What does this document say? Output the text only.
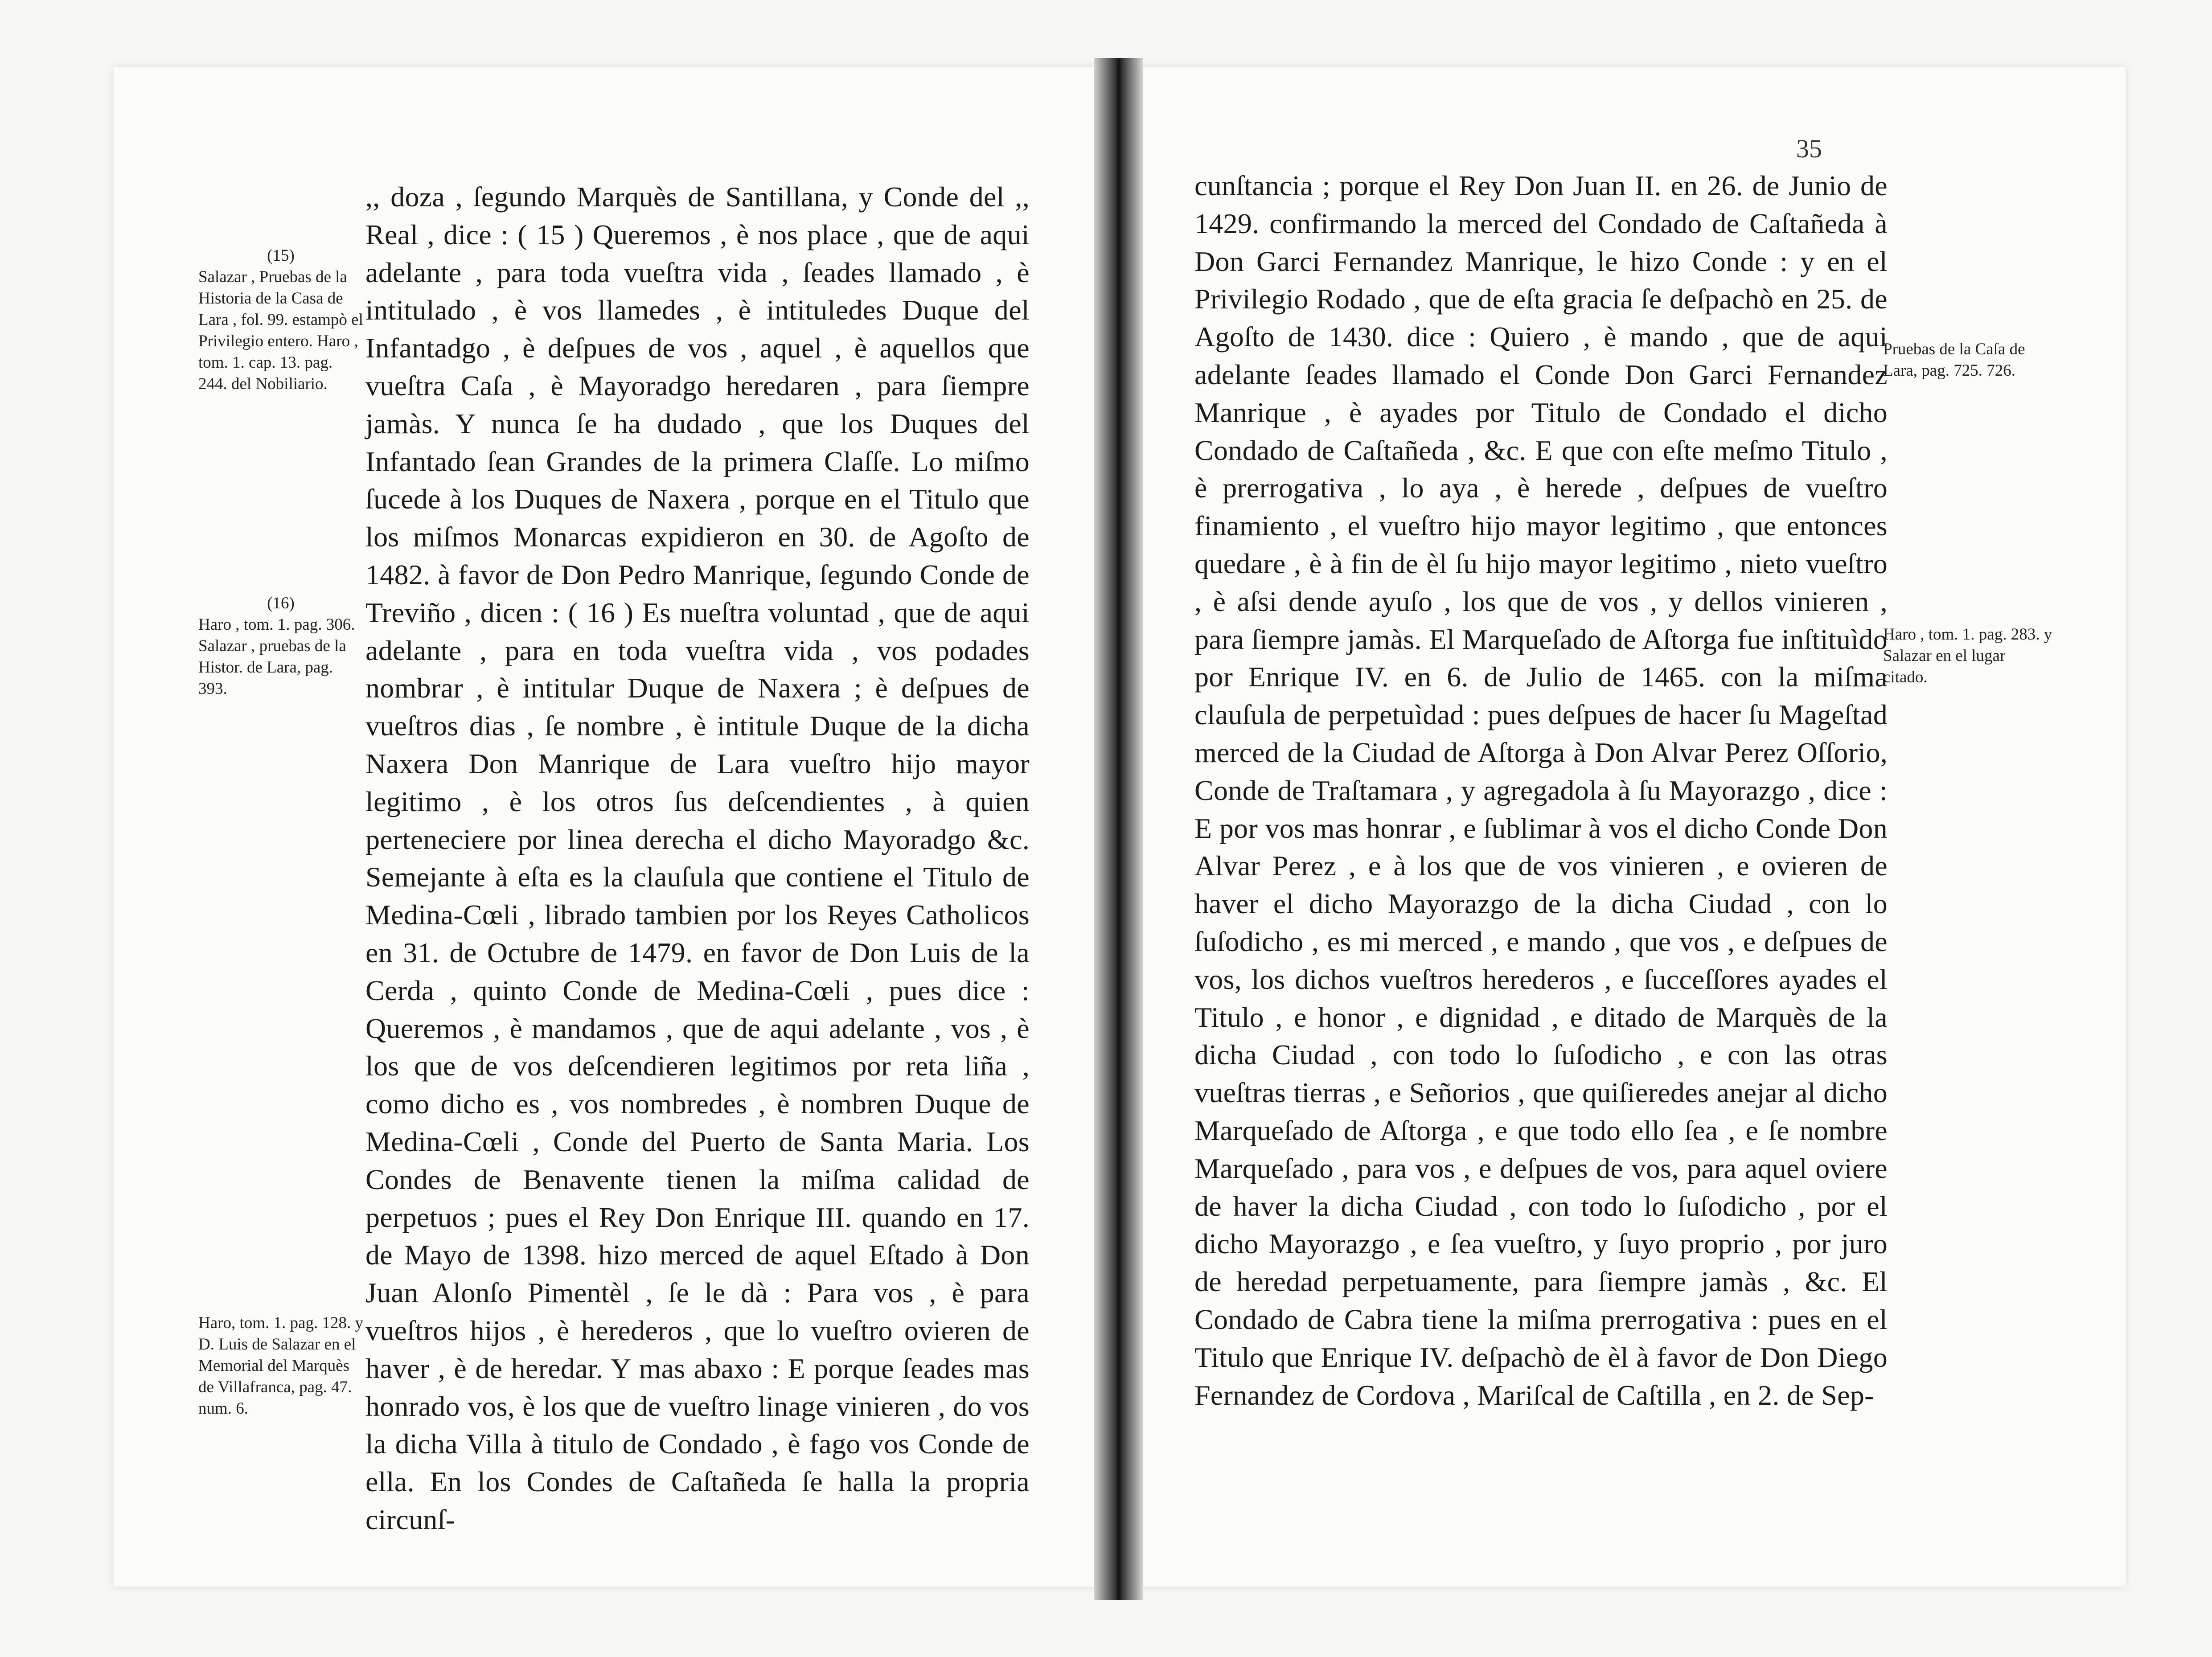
(15)
Salazar , Pruebas de la Historia de la Casa de Lara , fol. 99. estampò el Privilegio entero. Haro , tom. 1. cap. 13. pag. 244. del Nobiliario.
(16)
Haro , tom. 1. pag. 306. Salazar , pruebas de la Histor. de Lara, pag. 393.
Haro, tom. 1. pag. 128. y D. Luis de Salazar en el Memorial del Marquès de Villafranca, pag. 47. num. 6.
,, doza , ſegundo Marquès de Santillana, y Conde del ,, Real , dice : ( 15 ) Queremos , è nos place , que de aqui adelante , para toda vueſtra vida , ſeades llamado , è intitulado , è vos llamedes , è intituledes Duque del Infantadgo , è deſpues de vos , aquel , è aquellos que vueſtra Caſa , è Mayoradgo heredaren , para ſiempre jamàs. Y nunca ſe ha dudado , que los Duques del Infantado ſean Grandes de la primera Claſſe. Lo miſmo ſucede à los Duques de Naxera , porque en el Titulo que los miſmos Monarcas expidieron en 30. de Agoſto de 1482. à favor de Don Pedro Manrique, ſegundo Conde de Treviño , dicen : ( 16 ) Es nueſtra voluntad , que de aqui adelante , para en toda vueſtra vida , vos podades nombrar , è intitular Duque de Naxera ; è deſpues de vueſtros dias , ſe nombre , è intitule Duque de la dicha Naxera Don Manrique de Lara vueſtro hijo mayor legitimo , è los otros ſus deſcendientes , à quien perteneciere por linea derecha el dicho Mayoradgo &c. Semejante à eſta es la clauſula que contiene el Titulo de Medina-Cœli , librado tambien por los Reyes Catholicos en 31. de Octubre de 1479. en favor de Don Luis de la Cerda , quinto Conde de Medina-Cœli , pues dice : Queremos , è mandamos , que de aqui adelante , vos , è los que de vos deſcendieren legitimos por reta liña , como dicho es , vos nombredes , è nombren Duque de Medina-Cœli , Conde del Puerto de Santa Maria. Los Condes de Benavente tienen la miſma calidad de perpetuos ; pues el Rey Don Enrique III. quando en 17. de Mayo de 1398. hizo merced de aquel Eſtado à Don Juan Alonſo Pimentèl , ſe le dà : Para vos , è para vueſtros hijos , è herederos , que lo vueſtro ovieren de haver , è de heredar. Y mas abaxo : E porque ſeades mas honrado vos, è los que de vueſtro linage vinieren , do vos la dicha Villa à titulo de Condado , è fago vos Conde de ella. En los Condes de Caſtañeda ſe halla la propria circunſ-
35
cunſtancia ; porque el Rey Don Juan II. en 26. de Junio de 1429. confirmando la merced del Condado de Caſtañeda à Don Garci Fernandez Manrique, le hizo Conde : y en el Privilegio Rodado , que de eſta gracia ſe deſpachò en 25. de Agoſto de 1430. dice : Quiero , è mando , que de aqui adelante ſeades llamado el Conde Don Garci Fernandez Manrique , è ayades por Titulo de Condado el dicho Condado de Caſtañeda , &c. E que con eſte meſmo Titulo , è prerrogativa , lo aya , è herede , deſpues de vueſtro finamiento , el vueſtro hijo mayor legitimo , que entonces quedare , è à fin de èl ſu hijo mayor legitimo , nieto vueſtro , è aſsi dende ayuſo , los que de vos , y dellos vinieren , para ſiempre jamàs. El Marqueſado de Aſtorga fue inſtituìdo por Enrique IV. en 6. de Julio de 1465. con la miſma clauſula de perpetuìdad : pues deſpues de hacer ſu Mageſtad merced de la Ciudad de Aſtorga à Don Alvar Perez Oſſorio, Conde de Traſtamara , y agregadola à ſu Mayorazgo , dice : E por vos mas honrar , e ſublimar à vos el dicho Conde Don Alvar Perez , e à los que de vos vinieren , e ovieren de haver el dicho Mayorazgo de la dicha Ciudad , con lo ſuſodicho , es mi merced , e mando , que vos , e deſpues de vos, los dichos vueſtros herederos , e ſucceſſores ayades el Titulo , e honor , e dignidad , e ditado de Marquès de la dicha Ciudad , con todo lo ſuſodicho , e con las otras vueſtras tierras , e Señorios , que quiſieredes anejar al dicho Marqueſado de Aſtorga , e que todo ello ſea , e ſe nombre Marqueſado , para vos , e deſpues de vos, para aquel oviere de haver la dicha Ciudad , con todo lo ſuſodicho , por el dicho Mayorazgo , e ſea vueſtro, y ſuyo proprio , por juro de heredad perpetuamente, para ſiempre jamàs , &c. El Condado de Cabra tiene la miſma prerrogativa : pues en el Titulo que Enrique IV. deſpachò de èl à favor de Don Diego Fernandez de Cordova , Mariſcal de Caſtilla , en 2. de Sep-
Pruebas de la Caſa de Lara, pag. 725. 726.
Haro , tom. 1. pag. 283. y Salazar en el lugar citado.
